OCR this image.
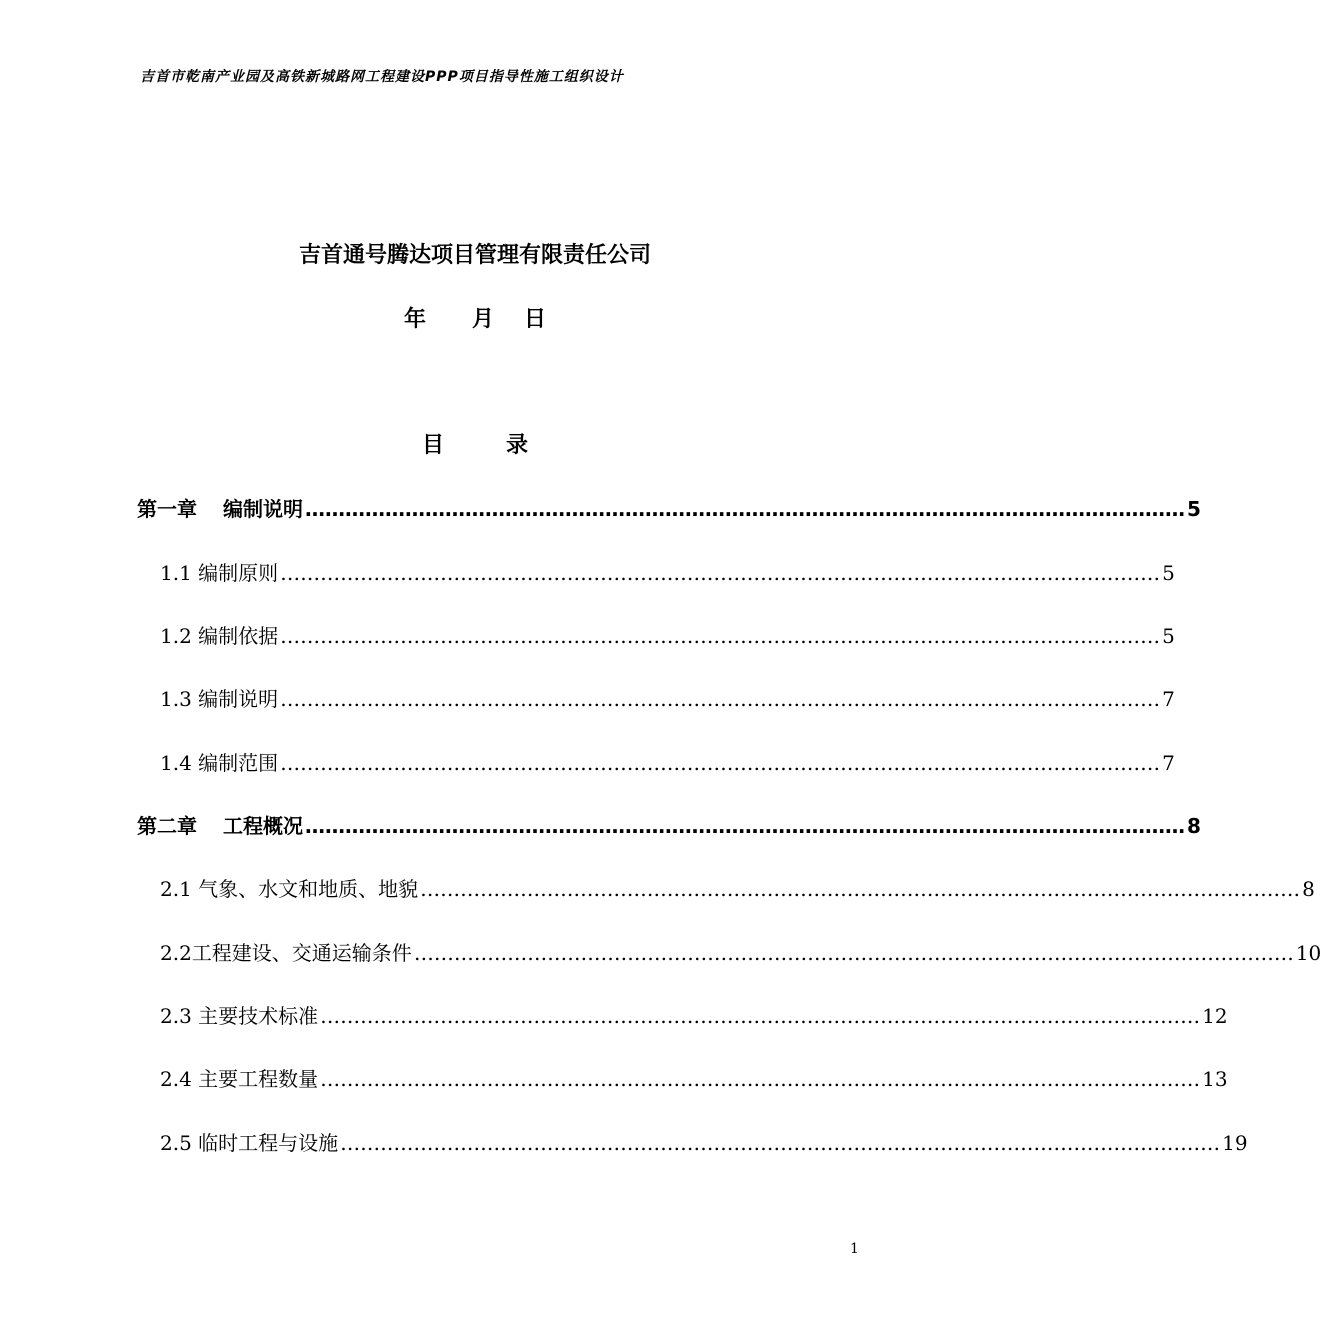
吉首市乾南产业园及高铁新城路网工程建设PPP项目指导性施工组织设计
吉首通号腾达项目管理有限责任公司
年 月 日
目	录
第一章 编制说明 …………………………………………………………………………………………………………………… 5
1.1 编制原则 …………………………………………………………………………………………………………………… 5
1.2 编制依据 …………………………………………………………………………………………………………………… 5
1.3 编制说明 …………………………………………………………………………………………………………………… 7
1.4 编制范围 …………………………………………………………………………………………………………………… 7
第二章 工程概况 …………………………………………………………………………………………………………………… 8
2.1 气象、水文和地质、地貌 …………………………………………………………………………………………………………………… 8
2.2工程建设、交通运输条件 …………………………………………………………………………………………………………………… 10
2.3 主要技术标准 …………………………………………………………………………………………………………………… 12
2.4 主要工程数量 …………………………………………………………………………………………………………………… 13
2.5 临时工程与设施 …………………………………………………………………………………………………………………… 19
1
